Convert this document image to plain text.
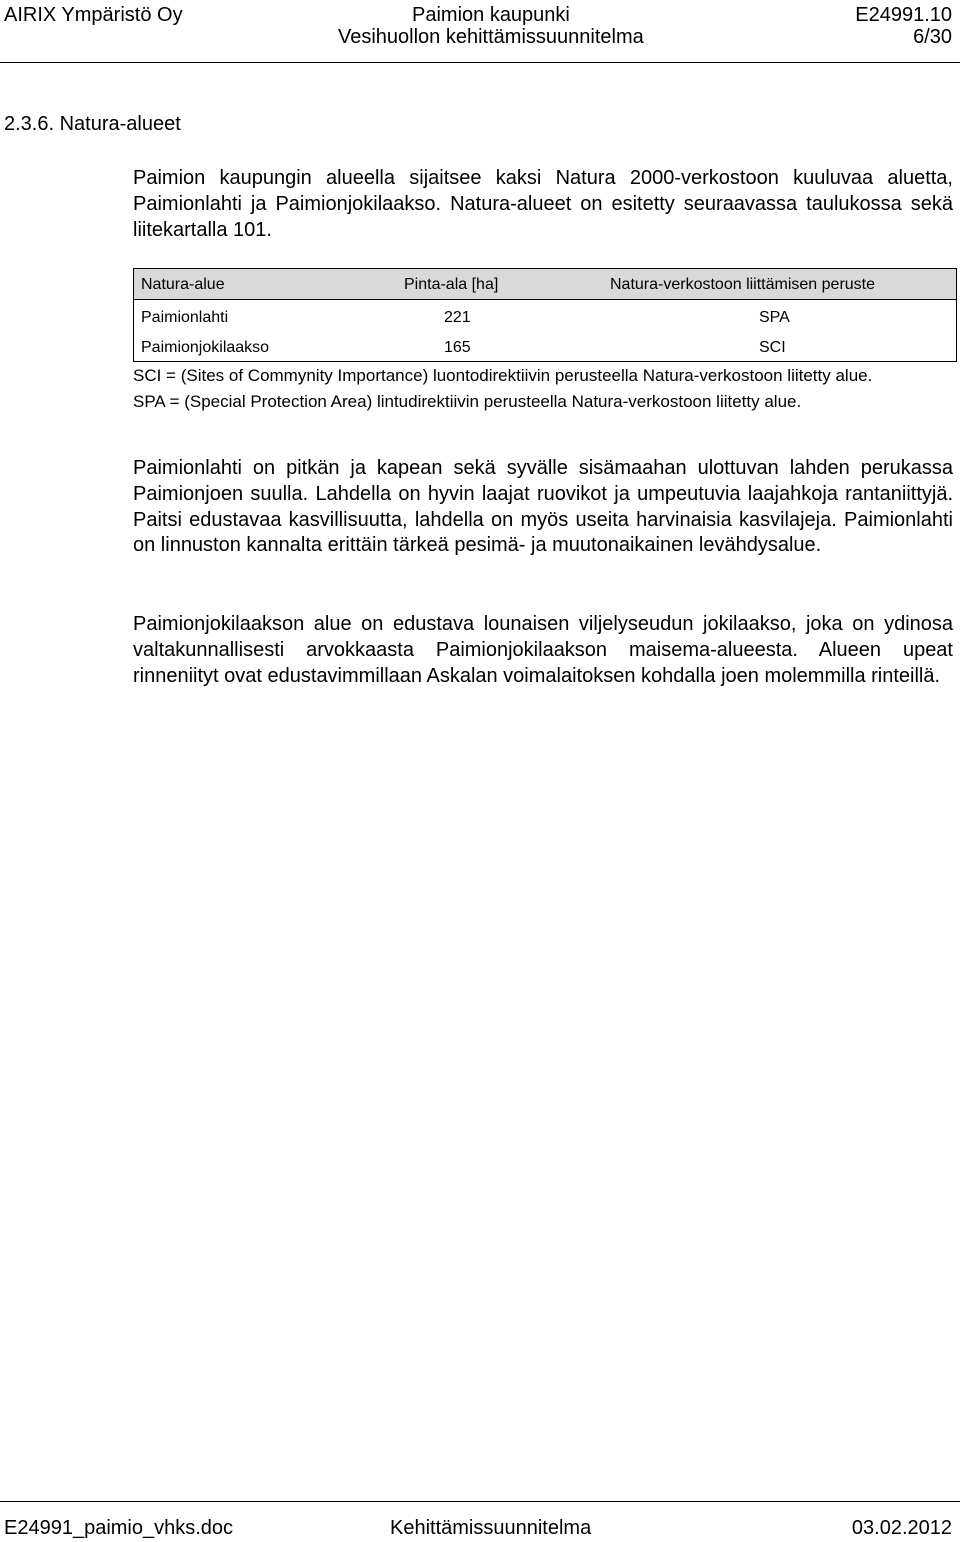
AIRIX Ympäristö Oy	Paimion kaupunki	E24991.10
Vesihuollon kehittämissuunnitelma	6/30
2.3.6. Natura-alueet
Paimion kaupungin alueella sijaitsee kaksi Natura 2000-verkostoon kuuluvaa aluetta, Paimionlahti ja Paimionjokilaakso. Natura-alueet on esitetty seuraavassa taulukossa sekä liitekartalla 101.
Natura-alue	Pinta-ala [ha]	Natura-verkostoon liittämisen peruste
Paimionlahti	221	SPA
Paimionjokilaakso	165	SCI
SCI = (Sites of Commynity Importance) luontodirektiivin perusteella Natura-verkostoon liitetty alue.
SPA = (Special Protection Area) lintudirektiivin perusteella Natura-verkostoon liitetty alue.
Paimionlahti on pitkän ja kapean sekä syvälle sisämaahan ulottuvan lahden perukassa Paimionjoen suulla. Lahdella on hyvin laajat ruovikot ja umpeutuvia laajahkoja rantaniittyjä. Paitsi edustavaa kasvillisuutta, lahdella on myös useita harvinaisia kasvilajeja. Paimionlahti on linnuston kannalta erittäin tärkeä pesimä- ja muutonaikainen levähdysalue.
Paimionjokilaakson alue on edustava lounaisen viljelyseudun jokilaakso, joka on ydinosa valtakunnallisesti arvokkaasta Paimionjokilaakson maisema-alueesta. Alueen upeat rinneniityt ovat edustavimmillaan Askalan voimalaitoksen kohdalla joen molemmilla rinteillä.
E24991_paimio_vhks.doc	Kehittämissuunnitelma	03.02.2012
